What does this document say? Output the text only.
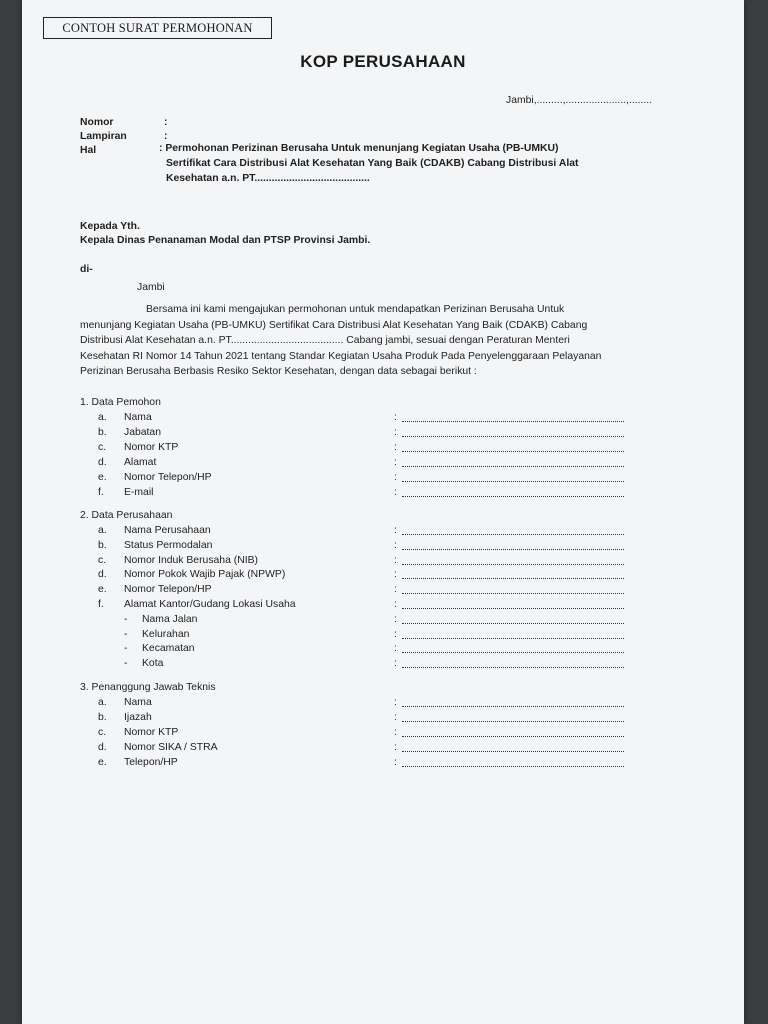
CONTOH SURAT PERMOHONAN
KOP PERUSAHAAN
Jambi,.........,.....................,........
Nomor	:
Lampiran	:
Hal	: Permohonan Perizinan Berusaha Untuk menunjang Kegiatan Usaha (PB-UMKU)
Sertifikat Cara Distribusi Alat Kesehatan Yang Baik (CDAKB) Cabang Distribusi Alat
Kesehatan a.n. PT........................................
Kepada Yth.
Kepala Dinas Penanaman Modal dan PTSP Provinsi Jambi.
di-
Jambi
Bersama ini kami mengajukan permohonan untuk mendapatkan Perizinan Berusaha Untuk
menunjang Kegiatan Usaha (PB-UMKU) Sertifikat Cara Distribusi Alat Kesehatan Yang Baik (CDAKB) Cabang
Distribusi Alat Kesehatan a.n. PT....................................... Cabang jambi, sesuai dengan Peraturan Menteri
Kesehatan RI Nomor 14 Tahun 2021 tentang Standar Kegiatan Usaha Produk Pada Penyelenggaraan Pelayanan
Perizinan Berusaha Berbasis Resiko Sektor Kesehatan, dengan data sebagai berikut :
1. Data Pemohon
a. Nama	:
b. Jabatan	:
c. Nomor KTP	:
d. Alamat	:
e. Nomor Telepon/HP	:
f. E-mail	:
2. Data Perusahaan
a. Nama Perusahaan	:
b. Status Permodalan	:
c. Nomor Induk Berusaha (NIB)	:
d. Nomor Pokok Wajib Pajak (NPWP)	:
e. Nomor Telepon/HP	:
f. Alamat Kantor/Gudang Lokasi Usaha	:
- Nama Jalan	:
- Kelurahan	:
- Kecamatan	:
- Kota	:
3. Penanggung Jawab Teknis
a. Nama	:
b. Ijazah	:
c. Nomor KTP	:
d. Nomor SIKA / STRA	:
e. Telepon/HP	:
